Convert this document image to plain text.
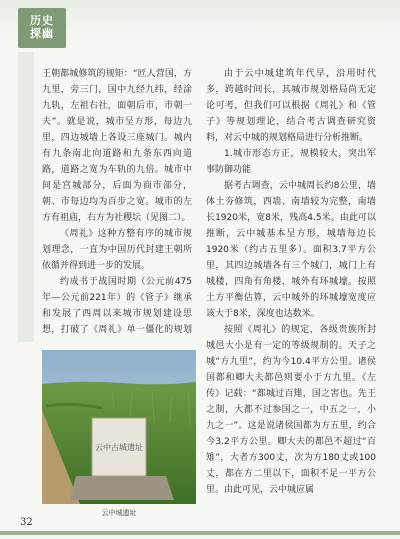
历史
探幽

王朝都城修筑的规矩：“匠人营国，方九里，旁三门，国中九经九纬，经涂九轨，左祖右社，面朝后市，市朝一夫”。就是说，城市呈方形，每边九里，四边城墙上各设三座城门。城内有九条南北向道路和九条东西向道路，道路之宽为车轨的九倍。城市中间是宫城部分，后面为商市部分，朝、市每边均为百步之宽。城市的左方有祖庙，右方为社稷坛（见图二）。

《周礼》这种方整有序的城市规划理念，一直为中国历代封建王朝所依循并得到进一步的发展。

约成书于战国时期（公元前475年—公元前221年）的《管子》继承和发展了西周以来城市规划建设思想，打破了《周礼》单一僵化的规划

由于云中城建筑年代早，沿用时代多，跨越时间长，其城市规划格局尚无定论可考，但我们可以根据《周礼》和《管子》等规划理论，结合考古调查研究资料，对云中城的规划格局进行分析推断。

1.城市形态方正，规模较大，突出军事防御功能

据考古调查，云中城周长约8公里，墙体土夯修筑，西墙、南墙较为完整，南墙长1920米，宽8米，残高4.5米。由此可以推断，云中城基本呈方形，城墙每边长1920米（约古五里多）。面积3.7平方公里，其四边城墙各有三个城门，城门上有城楼，四角有角楼，城外有环城壕。按照土方平衡估算，云中城外的环城壕宽度应该大于8米，深度也达数米。

按照《周礼》的规定，各级贵族所封城邑大小是有一定的等级规制的。天子之城“方九里”，约为今10.4平方公里。诸侯国都和卿大夫都邑则要小于方九里。《左传》记载：“都城过百雉，国之害也。先王之制，大都不过参国之一，中五之一，小九之一”。这是说诸侯国都为方五里，约合今3.2平方公里。卿大夫的都邑不超过“百雉”，大者方300丈，次为方180丈或100丈，都在方二里以下，面积不足一平方公里。由此可见，云中城应属

云中古城遗址
云中城遗址
32
